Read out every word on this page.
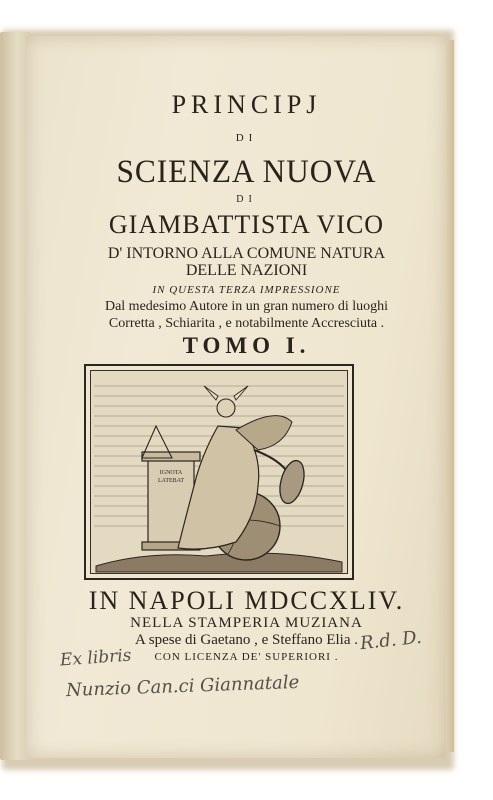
PRINCIPJ
DI
SCIENZA NUOVA
DI
GIAMBATTISTA VICO
D' INTORNO ALLA COMUNE NATURA
DELLE NAZIONI
IN QUESTA TERZA IMPRESSIONE
Dal medesimo Autore in un gran numero di luoghi
Corretta , Schiarita , e notabilmente Accresciuta .
TOMO I.
IGNOTA
LATEBAT
IN NAPOLI MDCCXLIV.
NELLA STAMPERIA MUZIANA
A spese di Gaetano , e Steffano Elia .
CON LICENZA DE' SUPERIORI .
Ex libris
Nunzio Can.ci Giannatale
R.d. D.
